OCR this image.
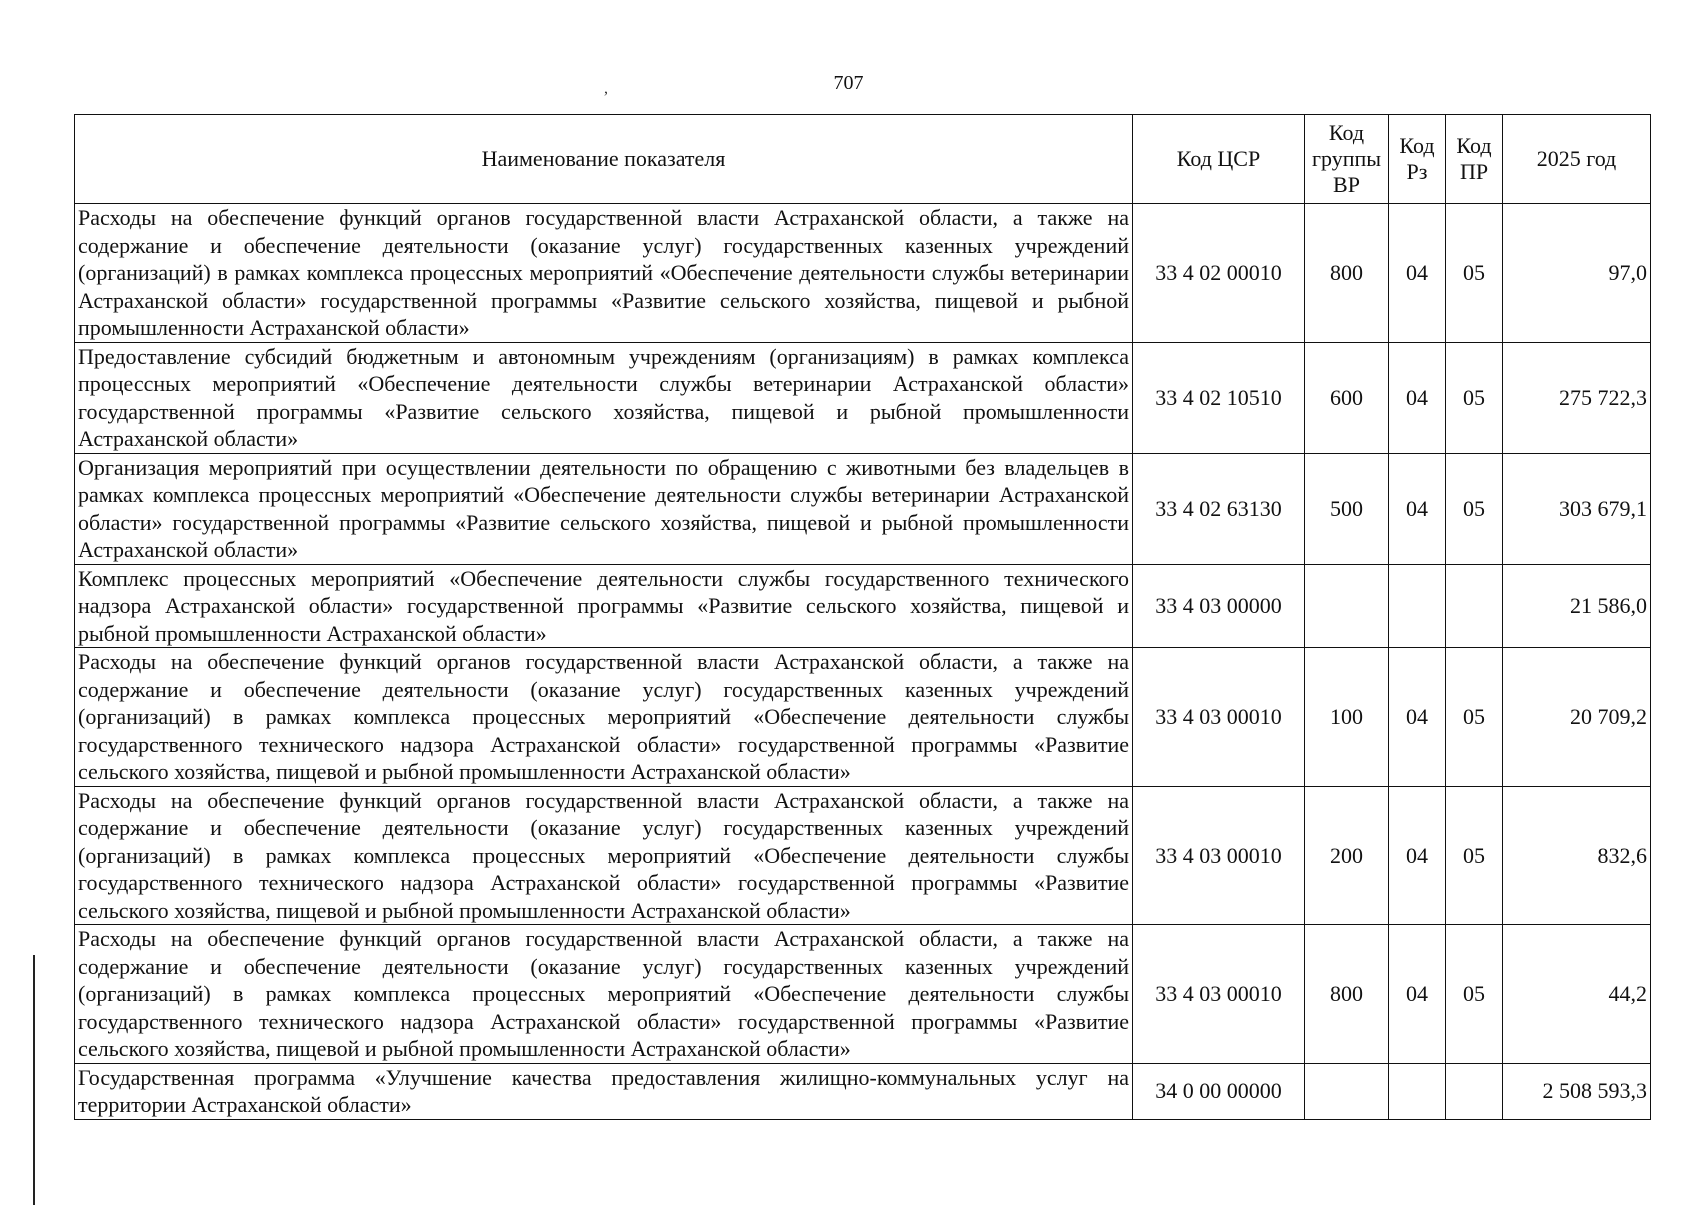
707
,
Наименование показателя	Код ЦСР	Код группы ВР	Код Рз	Код ПР	2025 год
Расходы на обеспечение функций органов государственной власти Астраханской области, а также на содержание и обеспечение деятельности (оказание услуг) государственных казенных учреждений (организаций) в рамках комплекса процессных мероприятий «Обеспечение деятельности службы ветеринарии Астраханской области» государственной программы «Развитие сельского хозяйства, пищевой и рыбной промышленности Астраханской области»	33 4 02 00010	800	04	05	97,0
Предоставление субсидий бюджетным и автономным учреждениям (организациям) в рамках комплекса процессных мероприятий «Обеспечение деятельности службы ветеринарии Астраханской области» государственной программы «Развитие сельского хозяйства, пищевой и рыбной промышленности Астраханской области»	33 4 02 10510	600	04	05	275 722,3
Организация мероприятий при осуществлении деятельности по обращению с животными без владельцев в рамках комплекса процессных мероприятий «Обеспечение деятельности службы ветеринарии Астраханской области» государственной программы «Развитие сельского хозяйства, пищевой и рыбной промышленности Астраханской области»	33 4 02 63130	500	04	05	303 679,1
Комплекс процессных мероприятий «Обеспечение деятельности службы государственного технического надзора Астраханской области» государственной программы «Развитие сельского хозяйства, пищевой и рыбной промышленности Астраханской области»	33 4 03 00000				21 586,0
Расходы на обеспечение функций органов государственной власти Астраханской области, а также на содержание и обеспечение деятельности (оказание услуг) государственных казенных учреждений (организаций) в рамках комплекса процессных мероприятий «Обеспечение деятельности службы государственного технического надзора Астраханской области» государственной программы «Развитие сельского хозяйства, пищевой и рыбной промышленности Астраханской области»	33 4 03 00010	100	04	05	20 709,2
Расходы на обеспечение функций органов государственной власти Астраханской области, а также на содержание и обеспечение деятельности (оказание услуг) государственных казенных учреждений (организаций) в рамках комплекса процессных мероприятий «Обеспечение деятельности службы государственного технического надзора Астраханской области» государственной программы «Развитие сельского хозяйства, пищевой и рыбной промышленности Астраханской области»	33 4 03 00010	200	04	05	832,6
Расходы на обеспечение функций органов государственной власти Астраханской области, а также на содержание и обеспечение деятельности (оказание услуг) государственных казенных учреждений (организаций) в рамках комплекса процессных мероприятий «Обеспечение деятельности службы государственного технического надзора Астраханской области» государственной программы «Развитие сельского хозяйства, пищевой и рыбной промышленности Астраханской области»	33 4 03 00010	800	04	05	44,2
Государственная программа «Улучшение качества предоставления жилищно-коммунальных услуг на территории Астраханской области»	34 0 00 00000				2 508 593,3
